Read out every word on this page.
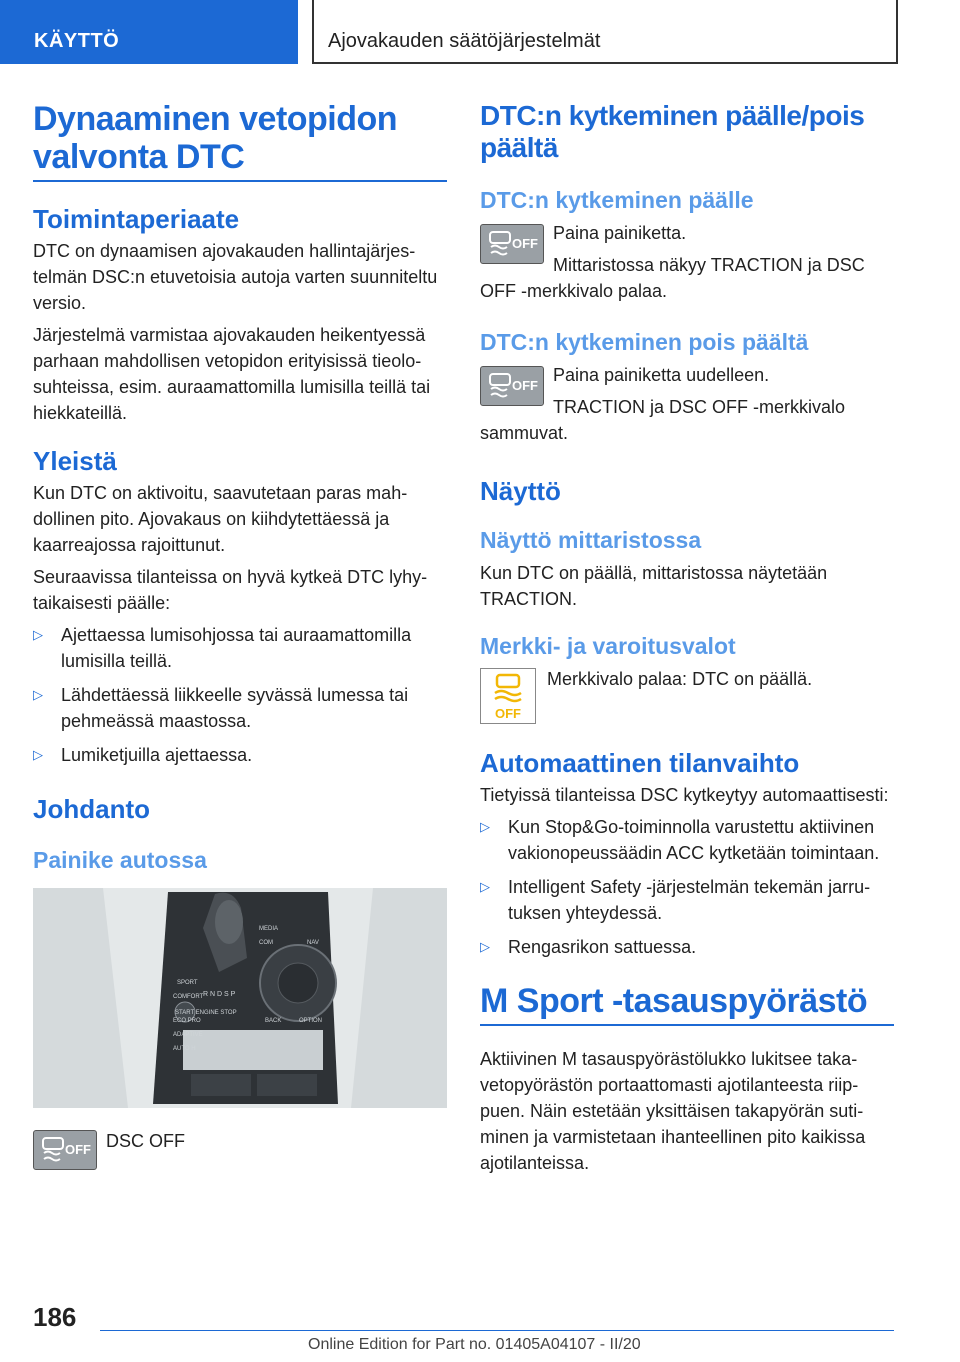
KÄYTTÖ	Ajovakauden säätöjärjestelmät
Dynaaminen vetopidon valvonta DTC
Toimintaperiaate

DTC on dynaamisen ajovakauden hallintajärjestelmän DSC:n etuvetoisia autoja varten suunniteltu versio.

Järjestelmä varmistaa ajovakauden heikentyessä parhaan mahdollisen vetopidon erityisissä tieolosuhteissa, esim. auraamattomilla lumisilla teillä tai hiekkateillä.

Yleistä

Kun DTC on aktivoitu, saavutetaan paras mahdollinen pito. Ajovakaus on kiihdytettäessä ja kaarreajossa rajoittunut.

Seuraavissa tilanteissa on hyvä kytkeä DTC lyhytaikaisesti päälle:

▷ Ajettaessa lumisohjossa tai auraamattomilla lumisilla teillä.
▷ Lähdettäessä liikkeelle syvässä lumessa tai pehmeässä maastossa.
▷ Lumiketjuilla ajettaessa.
Johdanto
Painike autossa
START ENGINE STOP
SPORT
COMFORT
ECO PRO
ADAPTIVE
AUTO H
MEDIA
COM	NAV
BACK	OPTION
R N D S P
OFF DSC OFF

DTC:n kytkeminen päälle/pois päältä
DTC:n kytkeminen päälle
OFF

Paina painiketta.

Mittaristossa näkyy TRACTION ja DSC OFF -merkkivalo palaa.

DTC:n kytkeminen pois päältä
OFF

Paina painiketta uudelleen.

TRACTION ja DSC OFF -merkkivalo sammuvat.

Näyttö
Näyttö mittaristossa

Kun DTC on päällä, mittaristossa näytetään TRACTION.

Merkki- ja varoitusvalot
OFF

Merkkivalo palaa: DTC on päällä.

Automaattinen tilanvaihto

Tietyissä tilanteissa DSC kytkeytyy automaattisesti:

▷ Kun Stop&Go-toiminnolla varustettu aktiivinen vakionopeussäädin ACC kytketään toimintaan.
▷ Intelligent Safety -järjestelmän tekemän jarrutuksen yhteydessä.
▷ Rengasrikon sattuessa.
M Sport -tasauspyörästö

Aktiivinen M tasauspyörästölukko lukitsee takavetopyörästön portaattomasti ajotilanteesta riippuen. Näin estetään yksittäisen takapyörän sutiminen ja varmistetaan ihanteellinen pito kaikissa ajotilanteissa.

186
Online Edition for Part no. 01405A04107 - II/20
